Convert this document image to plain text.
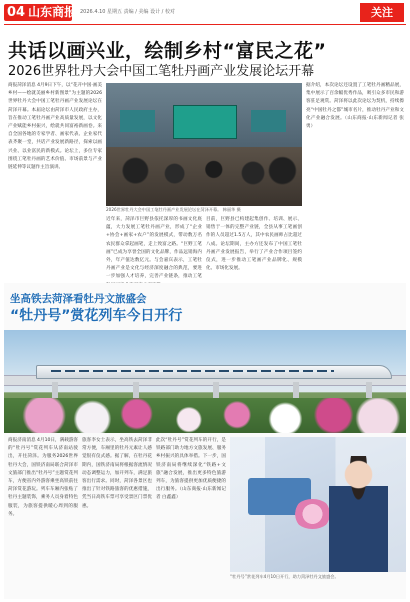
04 山东商报 2026.4.10 星期五 责编 / 美编 设计 / 校对	关注
共话以画兴业，绘制乡村“富民之花”
2026世界牡丹大会中国工笔牡丹画产业发展论坛开幕
商报菏泽消息 4月9日下午，以“花开中国·画美乡村——绘就美丽乡村新图景”为主题的2026世界牡丹大会中国工笔牡丹画产业发展论坛在菏泽开幕。本届论坛由菏泽市人民政府主办，旨在推动工笔牡丹画产业高质量发展，以文化产业赋能乡村振兴，绘就共同富裕新画卷。来自全国各地的专家学者、画家代表、企业家代表齐聚一堂，共话产业发展新路径，探索以画兴业、以业富民的新模式。论坛上，多位专家围绕工笔牡丹画的艺术价值、市场前景与产业链延伸等议题作主旨演讲。
据介绍，本次论坛还设置了工笔牡丹画精品展，集中展示了百余幅优秀作品，吸引众多市民和游客驻足观赏。菏泽将以此次论坛为契机，持续擦亮“中国牡丹之都”城市名片，推动牡丹产业和文化产业融合发展。（山东商报·山东新闻记者 张勇）
近年来，菏泽市巨野县依托深厚的书画文化底蕴，大力发展工笔牡丹画产业，形成了“企业+协会+画家+农户”的发展模式，带动数万名农民群众拿起画笔，走上致富之路。“巨野工笔画”已成为享誉全国的文化品牌，作品远销海内外，年产值达数亿元。与会嘉宾表示，工笔牡丹画产业是文化与经济深度融合的典范，要进一步加强人才培养，完善产业链条，推动工笔
目前，巨野县已构建起集创作、培训、展示、销售于一体的完整产业链，全县从事工笔画创作的人员超过1.5万人，其中农民画师占比超过八成。论坛期间，主办方还发布了中国工笔牡丹画产业发展报告，举行了产业合作项目签约仪式，进一步推动工笔画产业品牌化、规模化、市场化发展。
2026世界牡丹大会中国工笔牡丹画产业发展论坛在菏泽开幕。 韩丽华 摄
坐高铁去菏泽看牡丹文旅盛会
“牡丹号”赏花列车今日开行
商报济南消息 4月10日，满载游客的“牡丹号”赏花列车从济南站驶出，开往菏泽。为服务2026世界牡丹大会，国铁济南局联合菏泽市文旅部门推出“牡丹号”主题赏花列车，方便省内外游客乘坐高铁前往菏泽赏花游玩。列车车厢内张贴了牡丹主题装饰，乘务人员身着特色服装，为旅客提供暖心周到的服务。
旅客李女士表示，坐高铁去菏泽非常方便，车厢里的牡丹元素让人感觉很有仪式感。据了解，在牡丹花期内，国铁济南局将根据客流情况动态调整运力，加开列车，满足旅客出行需求。同时，菏泽各景区也推出了针对铁路旅客的优惠措施，凭当日高铁车票可享受景区门票优惠。
此次“牡丹号”赏花列车的开行，是铁路部门助力地方文旅发展、服务乡村振兴的具体举措。下一步，国铁济南局将继续深化“铁路+文旅”融合发展，推出更多特色旅游列车，为旅客提供更加优质便捷的出行服务。（山东商报·山东新闻记者 白鑫鑫）
“牡丹号”赏花列车4月10日开行，助力菏泽牡丹文旅盛会。
